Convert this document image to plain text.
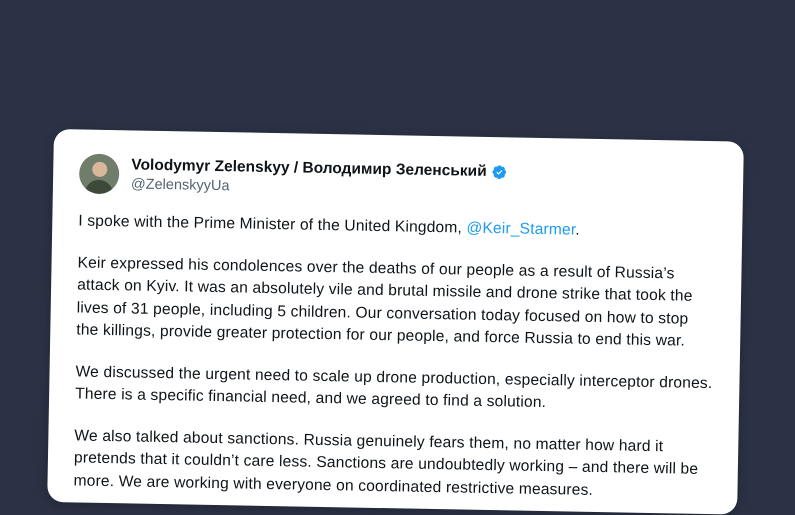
Volodymyr Zelenskyy / Володимир Зеленський
@ZelenskyyUa

I spoke with the Prime Minister of the United Kingdom, @Keir_Starmer.

Keir expressed his condolences over the deaths of our people as a result of Russia’s attack on Kyiv. It was an absolutely vile and brutal missile and drone strike that took the lives of 31 people, including 5 children. Our conversation today focused on how to stop the killings, provide greater protection for our people, and force Russia to end this war.

We discussed the urgent need to scale up drone production, especially interceptor drones. There is a specific financial need, and we agreed to find a solution.

We also talked about sanctions. Russia genuinely fears them, no matter how hard it pretends that it couldn’t care less. Sanctions are undoubtedly working – and there will be more. We are working with everyone on coordinated restrictive measures.
